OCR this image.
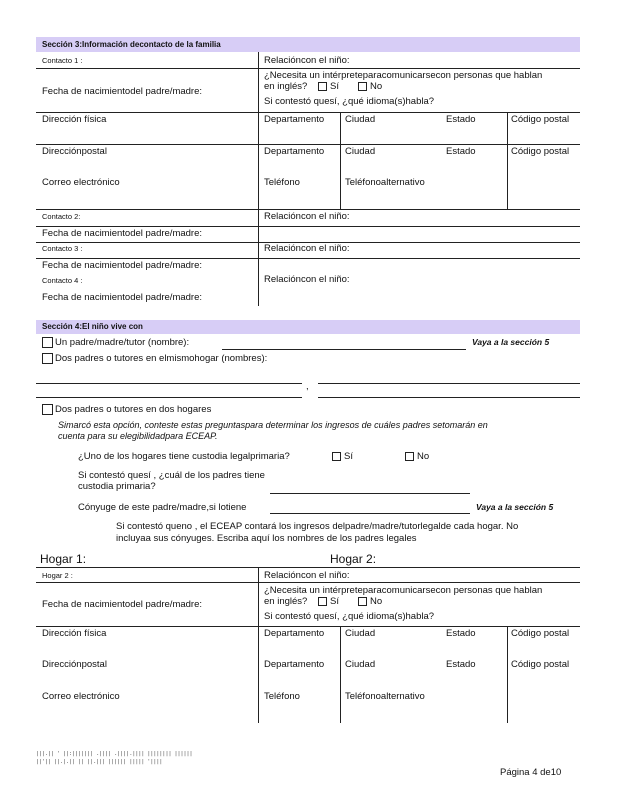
Sección 3:Información decontacto de la familia
Contacto 1 :	Relacióncon el niño:
Fecha de nacimientodel padre/madre:
¿Necesita un intérpreteparacomunicarsecon personas que hablan
en inglés? Sí	No
Si contestó quesí, ¿qué idioma(s)habla?
Dirección física	Departamento Ciudad	Estado	Código postal
Direcciónpostal	Departamento Ciudad	Estado	Código postal
Correo electrónico	Teléfono	Teléfonoalternativo
Contacto 2:	Relacióncon el niño:
Fecha de nacimientodel padre/madre:
Contacto 3 :	Relacióncon el niño:
Fecha de nacimientodel padre/madre:
Contacto 4 :	Relacióncon el niño:
Fecha de nacimientodel padre/madre:
Sección 4:El niño vive con
Un padre/madre/tutor (nombre):	Vaya a la sección 5
Dos padres o tutores en elmismohogar (nombres):
,
Dos padres o tutores en dos hogares
Simarcó esta opción, conteste estas preguntaspara determinar los ingresos de cuáles padres setomarán en
cuenta para su elegibilidadpara ECEAP.
¿Uno de los hogares tiene custodia legalprimaria?	Sí	No
Si contestó quesí , ¿cuál de los padres tiene
custodia primaria?
Cónyuge de este padre/madre,si lotiene	Vaya a la sección 5
Si contestó queno , el ECEAP contará los ingresos delpadre/madre/tutorlegalde cada hogar. No
incluyaa sus cónyuges. Escriba aquí los nombres de los padres legales
Hogar 1:	Hogar 2:
Hogar 2 :	Relacióncon el niño:
Fecha de nacimientodel padre/madre:
¿Necesita un intérpreteparacomunicarsecon personas que hablan
en inglés? Sí	No
Si contestó quesí, ¿qué idioma(s)habla?
Dirección física	Departamento Ciudad	Estado	Código postal
Direcciónpostal	Departamento Ciudad	Estado	Código postal
Correo electrónico	Teléfono	Teléfonoalternativo
|||.|| ' ||:||||||| .|||| .||||.|||| |||||||| ||||||
||'|| ||.|.|| || ||.||| |||||| ||||| '||||
Página 4 de10
